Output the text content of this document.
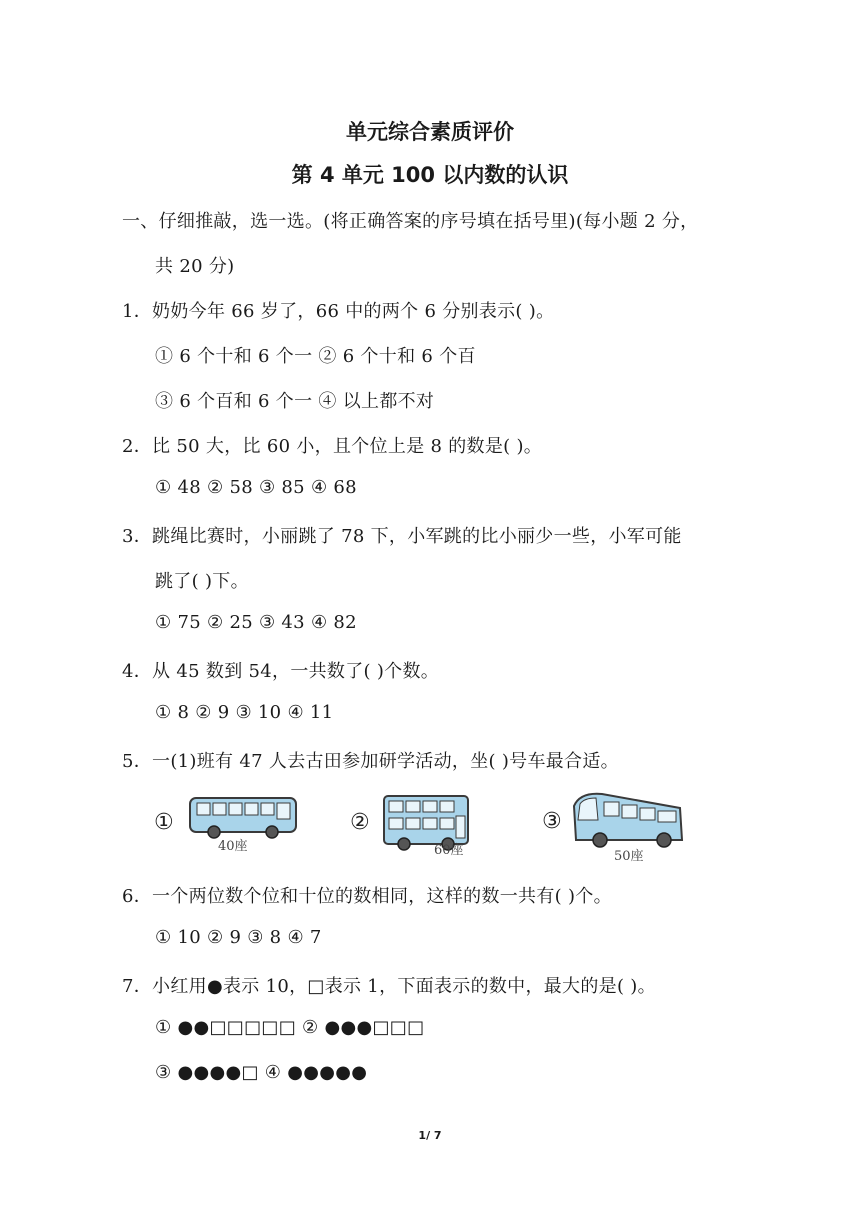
单元综合素质评价
第 4 单元 100 以内数的认识
一、仔细推敲，选一选。(将正确答案的序号填在括号里)(每小题 2 分，
共 20 分)
1．奶奶今年 66 岁了，66 中的两个 6 分别表示( )。
① 6 个十和 6 个一 ② 6 个十和 6 个百
③ 6 个百和 6 个一 ④ 以上都不对
2．比 50 大，比 60 小，且个位上是 8 的数是( )。
① 48 ② 58 ③ 85 ④ 68
3．跳绳比赛时，小丽跳了 78 下，小军跳的比小丽少一些，小军可能
跳了( )下。
① 75 ② 25 ③ 43 ④ 82
4．从 45 数到 54，一共数了( )个数。
① 8 ② 9 ③ 10 ④ 11
5．一(1)班有 47 人去古田参加研学活动，坐( )号车最合适。
①
40座
②
60座
③
50座
6．一个两位数个位和十位的数相同，这样的数一共有( )个。
① 10 ② 9 ③ 8 ④ 7
7．小红用●表示 10，□表示 1，下面表示的数中，最大的是( )。
① ●●□□□□□ ② ●●●□□□
③ ●●●●□ ④ ●●●●●
1/ 7
